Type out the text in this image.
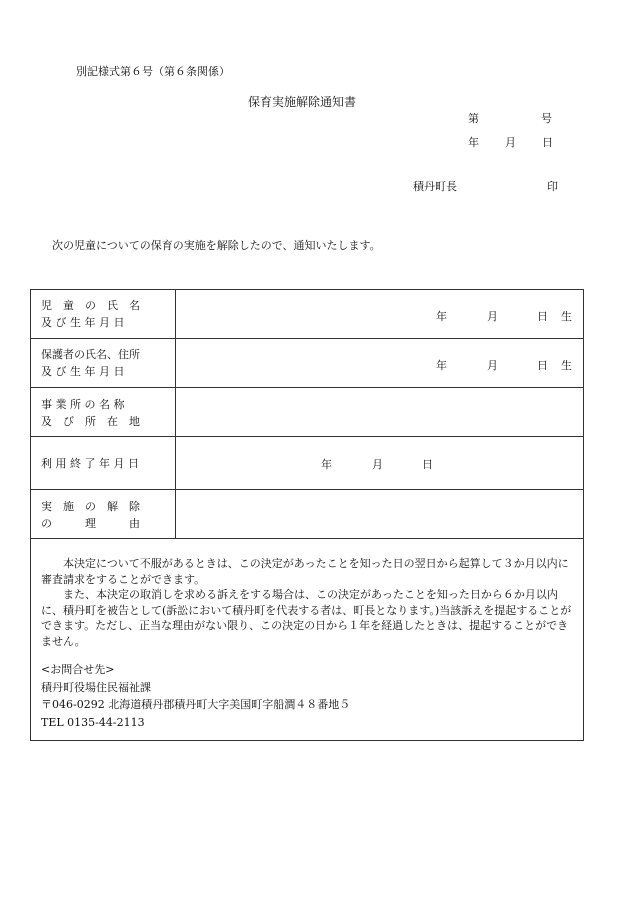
別記様式第６号（第６条関係）
保育実施解除通知書
第	号
年 月 日
積丹町長	印
次の児童についての保育の実施を解除したので、通知いたします。
児　童　の　氏　名
及 び 生 年 月 日	年	月	日 生
保護者の氏名、住所
及 び 生 年 月 日	年	月	日 生
事 業 所 の 名 称
及　び　所　在　地
利 用 終 了 年 月 日	年	月	日
実　施　の　解　除
の　　　理　　　由

本決定について不服があるときは、この決定があったことを知った日の翌日から起算して３か月以内に審査請求をすることができます。

また、本決定の取消しを求める訴えをする場合は、この決定があったことを知った日から６か月以内に、積丹町を被告として(訴訟において積丹町を代表する者は、町長となります。)当該訴えを提起することができます。ただし、正当な理由がない限り、この決定の日から１年を経過したときは、提起することができません。

<お問合せ先>
積丹町役場住民福祉課
〒046-0292 北海道積丹郡積丹町大字美国町字船澗４８番地５
TEL 0135-44-2113
